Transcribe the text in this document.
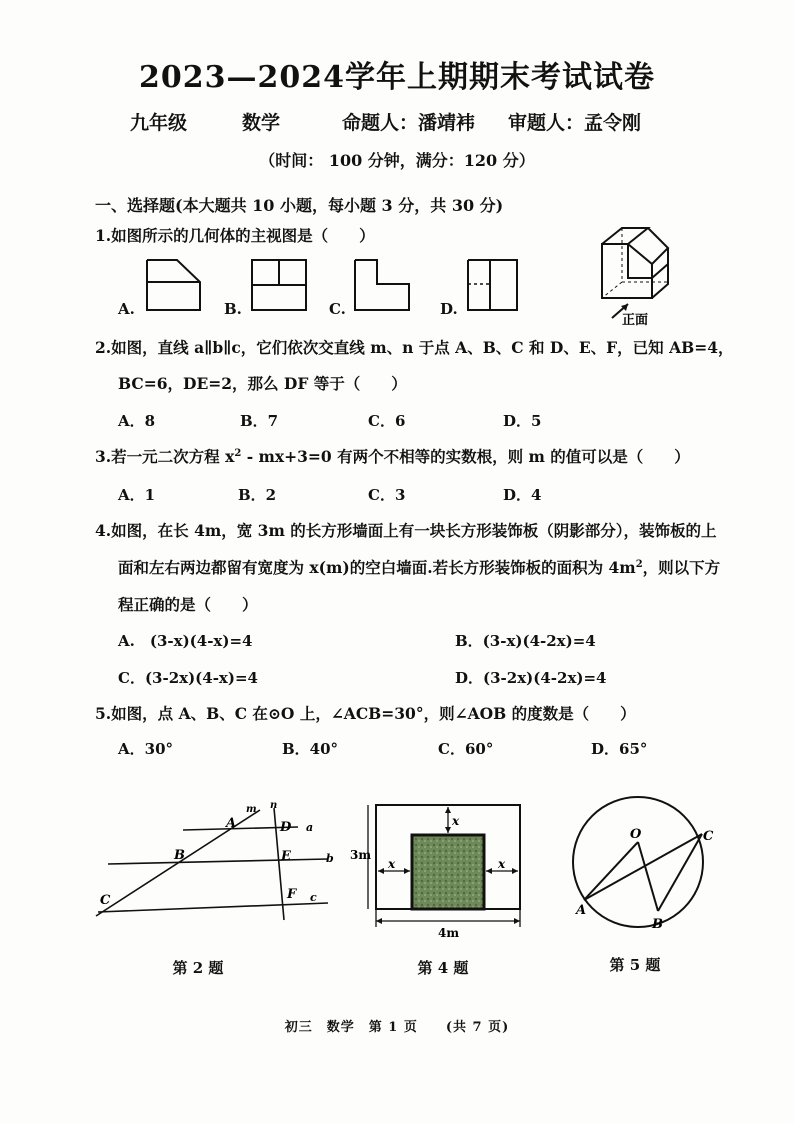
2023—2024学年上期期末考试试卷
九年级	数学	命题人：潘靖袆 审题人：孟令刚
（时间： 100 分钟，满分：120 分）
一、选择题(本大题共 10 小题，每小题 3 分，共 30 分)
1.如图所示的几何体的主视图是（　　）
A.	B.	C.	D.
正面
2.如图，直线 a∥b∥c，它们依次交直线 m、n 于点 A、B、C 和 D、E、F，已知 AB=4，
BC=6，DE=2，那么 DF 等于（　　）
A．8	B．7	C．6	D．5
3.若一元二次方程 $x^2 - mx+3=0$ 有两个不相等的实数根，则 m 的值可以是（　　）
A．1	B．2	C．3	D．4
4.如图，在长 4m，宽 3m 的长方形墙面上有一块长方形装饰板（阴影部分），装饰板的上
面和左右两边都留有宽度为 x(m)的空白墙面.若长方形装饰板的面积为 $4m^2$，则以下方
程正确的是（　　）
A.　(3-x)(4-x)=4	B．(3-x)(4-2x)=4
C．(3-2x)(4-x)=4	D．(3-2x)(4-2x)=4
5.如图，点 A、B、C 在⊙O 上，∠ACB=30°，则∠AOB 的度数是（　　）
A．30°	B．40°	C．60°	D．65°
A
B
C
D
E
F
a
b
c
m n
第 2 题
x
x	x
3m
4m
第 4 题
O
A
B
C
第 5 题
初三　数学　第 1 页　　(共 7 页)
